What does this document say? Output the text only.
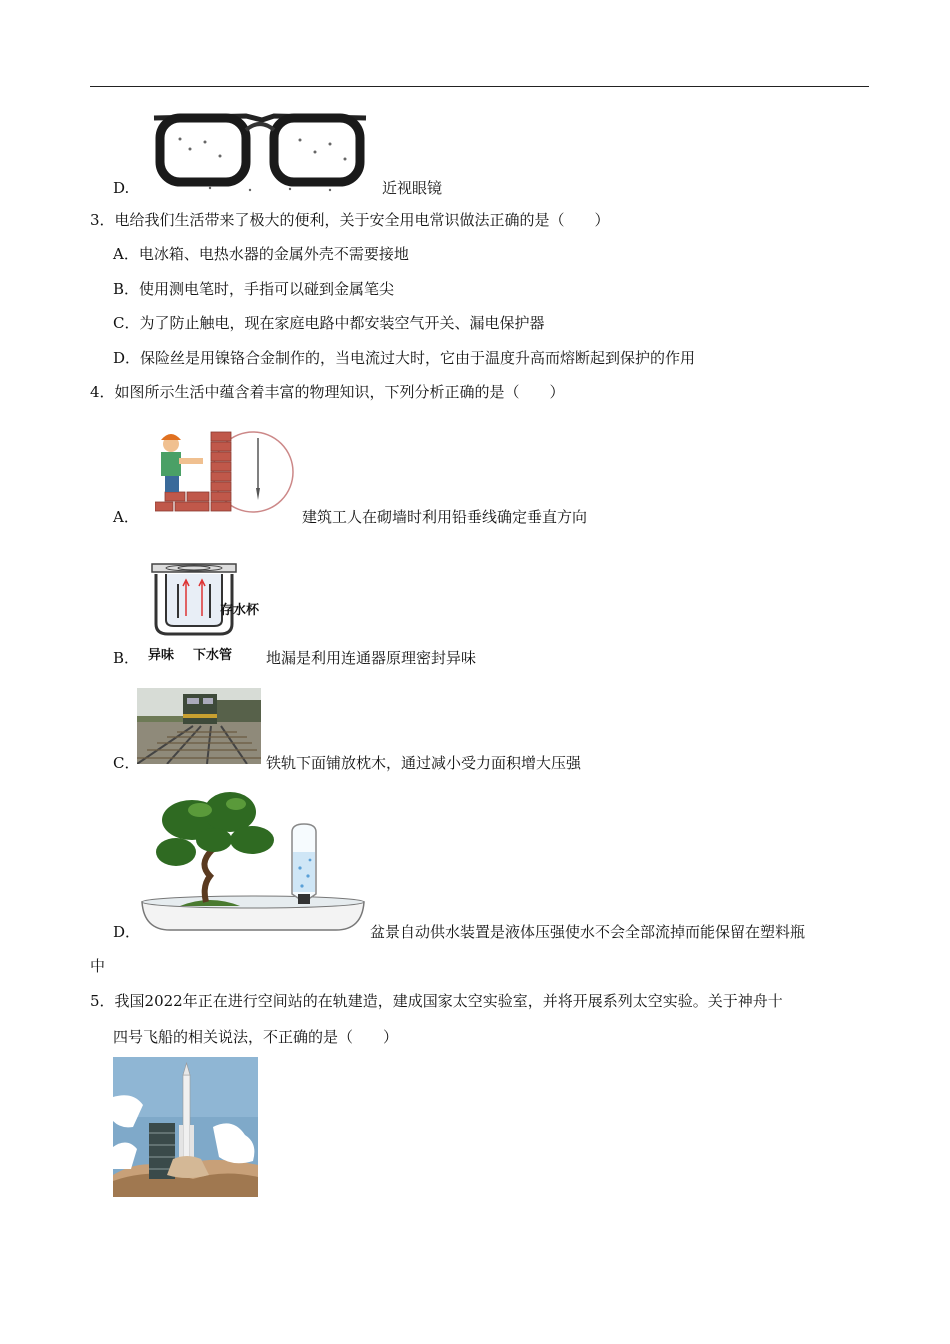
D.	近视眼镜
3．电给我们生活带来了极大的便利，关于安全用电常识做法正确的是（　　）
A．电冰箱、电热水器的金属外壳不需要接地
B．使用测电笔时，手指可以碰到金属笔尖
C．为了防止触电，现在家庭电路中都安装空气开关、漏电保护器
D．保险丝是用镍铬合金制作的，当电流过大时，它由于温度升高而熔断起到保护的作用
4．如图所示生活中蕴含着丰富的物理知识，下列分析正确的是（　　）
A．	建筑工人在砌墙时利用铅垂线确定垂直方向
存水杯
异味 下水管
B．	地漏是利用连通器原理密封异味
C．	铁轨下面铺放枕木，通过减小受力面积增大压强
D．	盆景自动供水装置是液体压强使水不会全部流掉而能保留在塑料瓶
中
5．我国2022年正在进行空间站的在轨建造，建成国家太空实验室，并将开展系列太空实验。关于神舟十
四号飞船的相关说法，不正确的是（　　）
